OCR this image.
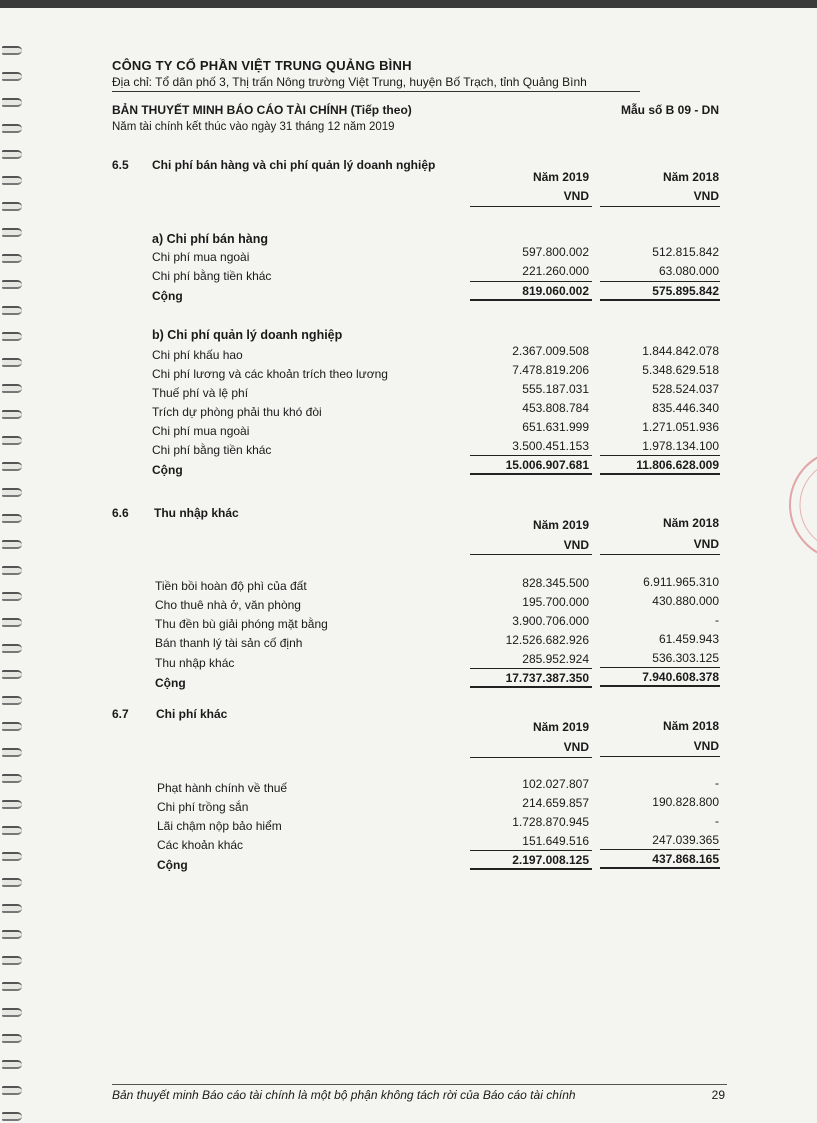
CÔNG TY CỔ PHẦN VIỆT TRUNG QUẢNG BÌNH
Địa chỉ: Tổ dân phố 3, Thị trấn Nông trường Việt Trung, huyện Bố Trạch, tỉnh Quảng Bình
BẢN THUYẾT MINH BÁO CÁO TÀI CHÍNH (Tiếp theo)	Mẫu số B 09 - DN
Năm tài chính kết thúc vào ngày 31 tháng 12 năm 2019
6.5 Chi phí bán hàng và chi phí quản lý doanh nghiệp
Năm 2019	Năm 2018
VND	VND
a) Chi phí bán hàng
Chi phí mua ngoài	597.800.002	512.815.842
Chi phí bằng tiền khác	221.260.000	63.080.000
Cộng	819.060.002	575.895.842
b) Chi phí quản lý doanh nghiệp
Chi phí khấu hao	2.367.009.508	1.844.842.078
Chi phí lương và các khoản trích theo lương	7.478.819.206	5.348.629.518
Thuế phí và lệ phí	555.187.031	528.524.037
Trích dự phòng phải thu khó đòi	453.808.784	835.446.340
Chi phí mua ngoài	651.631.999	1.271.051.936
Chi phí bằng tiền khác	3.500.451.153	1.978.134.100
Cộng	15.006.907.681	11.806.628.009
6.6 Thu nhập khác
Năm 2019	Năm 2018
VND	VND
Tiền bồi hoàn độ phì của đất	828.345.500	6.911.965.310
Cho thuê nhà ở, văn phòng	195.700.000	430.880.000
Thu đền bù giải phóng mặt bằng	3.900.706.000	-
Bán thanh lý tài sản cố định	12.526.682.926	61.459.943
Thu nhập khác	285.952.924	536.303.125
Cộng	17.737.387.350	7.940.608.378
6.7 Chi phí khác
Năm 2019	Năm 2018
VND	VND
Phạt hành chính về thuế	102.027.807	-
Chi phí trồng sắn	214.659.857	190.828.800
Lãi chậm nộp bảo hiểm	1.728.870.945	-
Các khoản khác	151.649.516	247.039.365
Cộng	2.197.008.125	437.868.165
Bản thuyết minh Báo cáo tài chính là một bộ phận không tách rời của Báo cáo tài chính	29
